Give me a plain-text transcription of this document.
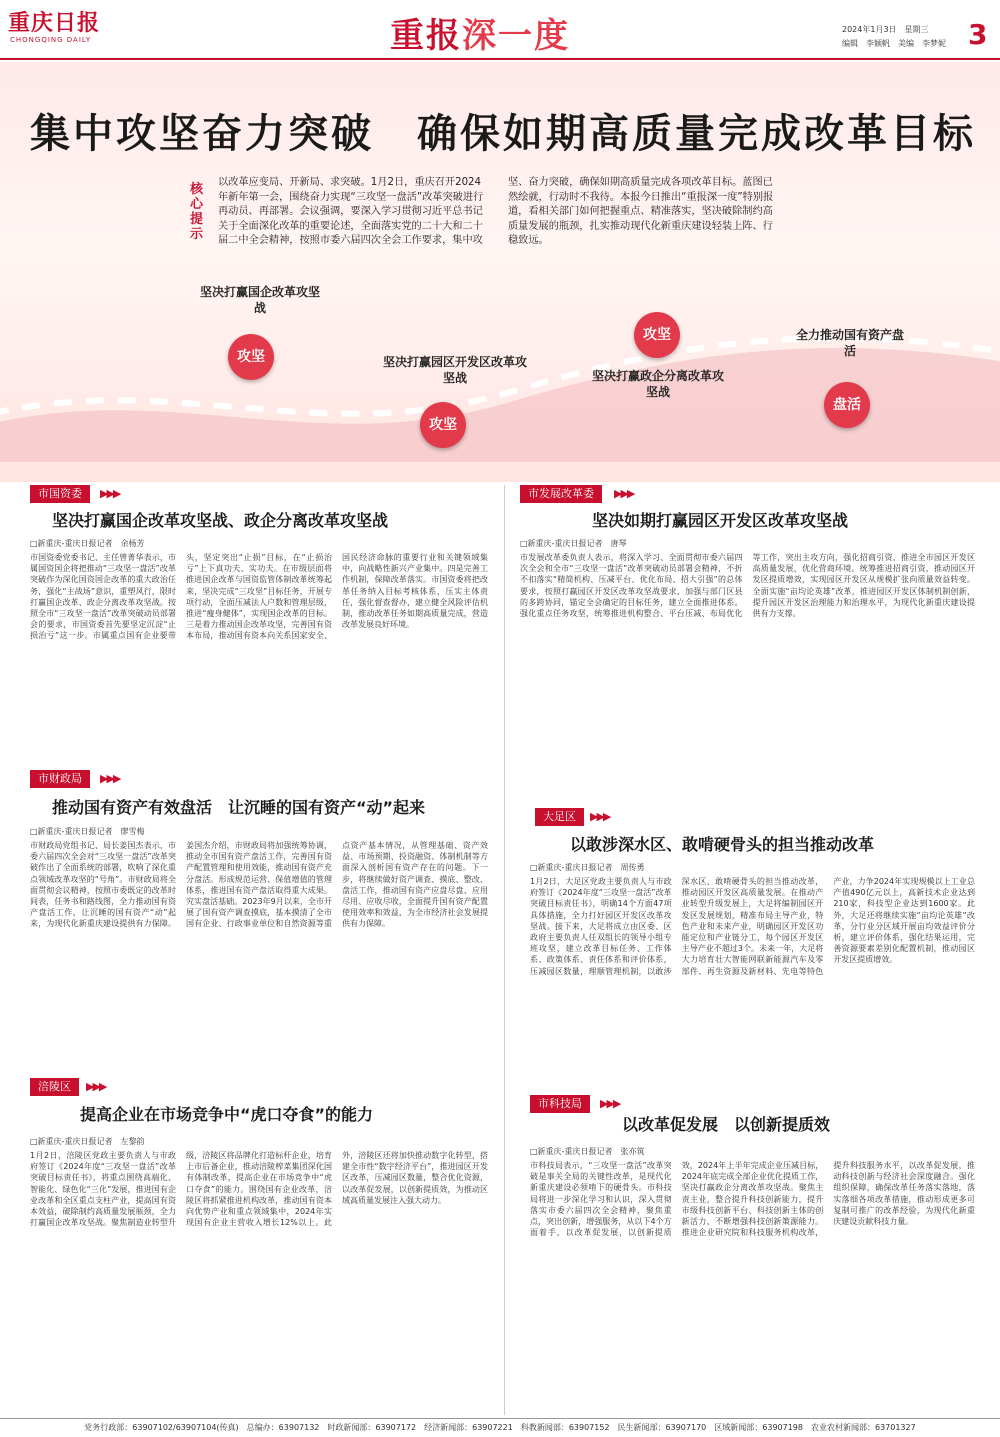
重庆日报
CHONGQING DAILY	重报深一度	2024年1月3日　星期三
编辑　李颖帆　美编　李梦妮 3
集中攻坚奋力突破　确保如期高质量完成改革目标
核心提示
以改革应变局、开新局、求突破。1月2日，重庆召开2024年新年第一会，围绕奋力实现“三攻坚一盘活”改革突破进行再动员、再部署。会议强调，要深入学习贯彻习近平总书记关于全面深化改革的重要论述，全面落实党的二十大和二十届二中全会精神，按照市委六届四次全会工作要求，集中攻坚、奋力突破，确保如期高质量完成各项改革目标。蓝图已然绘就，行动时不我待。本报今日推出“重报深一度”特别报道，看相关部门如何把握重点、精准落实，坚决破除制约高质量发展的瓶颈，扎实推动现代化新重庆建设轻装上阵、行稳致远。
坚决打赢国企改革攻坚战
攻坚	坚决打赢园区开发区改革攻坚战
攻坚
坚决打赢政企分离改革攻坚战
攻坚	全力推动国有资产盘活
盘活
市国资委	▶▶▶
坚决打赢国企改革攻坚战、政企分离改革攻坚战
□新重庆-重庆日报记者　余杨芳
市国资委党委书记、主任曾菁华表示，市属国资国企将把推动“三攻坚一盘活”改革突破作为深化国资国企改革的重大政治任务，强化“主战场”意识，重塑风行，限时打赢国企改革、政企分离改革攻坚战。按照全市“三攻坚一盘活”改革突破动员部署会的要求，市国资委首先要坚定沉淀“止损治亏”这一步。市属重点国有企业要带头，坚定突出“止损”目标，在“止损治亏”上下真功夫、实功夫。在市级层面将推进国企改革与国资监管体制改革统筹起来，坚决完成“三攻坚”目标任务，开展专项行动，全面压减法人户数和管理层级，推进“瘦身健体”，实现国企改革的目标。三是着力推动国企改革攻坚，完善国有资本布局，推动国有资本向关系国家安全、国民经济命脉的重要行业和关键领域集中，向战略性新兴产业集中。四是完善工作机制，保障改革落实。市国资委将把改革任务纳入目标考核体系，压实主体责任，强化督查督办，建立健全风险评估机制，推动改革任务如期高质量完成，营造改革发展良好环境。
市发展改革委	▶▶▶
坚决如期打赢园区开发区改革攻坚战
□新重庆-重庆日报记者　唐琴
市发展改革委负责人表示，将深入学习、全面贯彻市委六届四次全会和全市“三攻坚一盘活”改革突破动员部署会精神，不折不扣落实“精简机构、压减平台、优化布局、招大引强”的总体要求，按照打赢园区开发区改革攻坚战要求，加强与部门区县的多跨协同，锚定全会确定的目标任务，建立全面推进体系。强化重点任务攻坚，统筹推进机构整合、平台压减、布局优化等工作，突出主攻方向，强化招商引资，推进全市园区开发区高质量发展，优化营商环境。统筹推进招商引资，推动园区开发区提质增效，实现园区开发区从规模扩张向质量效益转变。全面实施“亩均论英雄”改革，推进园区开发区体制机制创新，提升园区开发区治理能力和治理水平，为现代化新重庆建设提供有力支撑。
市财政局	▶▶▶
推动国有资产有效盘活　让沉睡的国有资产“动”起来
□新重庆-重庆日报记者　廖雪梅
市财政局党组书记、局长姜国杰表示，市委六届四次全会对“三攻坚一盘活”改革突破作出了全面系统的部署，吹响了深化重点领域改革攻坚的“号角”。市财政局将全面贯彻会议精神，按照市委既定的改革时间表，任务书和路线图，全力推动国有资产盘活工作，让沉睡的国有资产“动”起来，为现代化新重庆建设提供有力保障。姜国杰介绍，市财政局将加强统筹协调，推动全市国有资产盘活工作，完善国有资产配置管理和使用效能，推动国有资产充分盘活。形成规范运营、保值增值的管理体系，推进国有资产盘活取得重大成果。究实盘活基础。2023年9月以来，全市开展了国有资产调查摸底，基本摸清了全市国有企业、行政事业单位和自然资源等重点资产基本情况，从管理基础、资产效益、市场预期、投资融资、体制机制等方面深入剖析国有资产存在的问题。下一步，将继续做好资产调查、摸底、整改、盘活工作，推动国有资产应盘尽盘、应用尽用、应收尽收，全面提升国有资产配置使用效率和效益，为全市经济社会发展提供有力保障。
大足区	▶▶▶
以敢涉深水区、敢啃硬骨头的担当推动改革
□新重庆-重庆日报记者　周传勇
1月2日，大足区党政主要负责人与市政府签订《2024年度“三攻坚一盘活”改革突破目标责任书》，明确14个方面47项具体措施，全力打好园区开发区改革攻坚战。接下来，大足将成立由区委、区政府主要负责人任双组长的领导小组专班攻坚，建立改革目标任务、工作体系、政策体系、责任体系和评价体系，压减园区数量，理顺管理机制，以敢涉深水区、敢啃硬骨头的担当推动改革，推动园区开发区高质量发展。在推动产业转型升级发展上，大足将编制园区开发区发展规划，精准布局主导产业，特色产业和未来产业，明确园区开发区功能定位和产业链分工，每个园区开发区主导产业不超过3个。未来一年，大足将大力培育壮大智能网联新能源汽车及零部件、再生资源及新材料、先电等特色产业，力争2024年实现规模以上工业总产值490亿元以上，高新技术企业达到210家，科技型企业达到1600家。此外，大足还将继续实施“亩均论英雄”改革，分行业分区域开展亩均效益评价分析，建立评价体系，强化结果运用，完善资源要素差别化配置机制，推动园区开发区提质增效。
涪陵区	▶▶▶
提高企业在市场竞争中“虎口夺食”的能力
□新重庆-重庆日报记者　左黎韵
1月2日，涪陵区党政主要负责人与市政府签订《2024年度“三攻坚一盘活”改革突破目标责任书》，将重点围绕高端化、智能化、绿色化“三化”发展，推进国有企业改革和全区重点支柱产业，提高国有资本效益，破除制约高质量发展瓶颈，全力打赢国企改革攻坚战。聚焦制造业转型升级，涪陵区将品牌化打造标杆企业，培育上市后备企业，推动涪陵榨菜集团深化国有体制改革，提高企业在市场竞争中“虎口夺食”的能力。围绕国有企业改革，涪陵区将抓紧推进机构改革，推动国有资本向优势产业和重点领域集中，2024年实现国有企业主营收入增长12%以上。此外，涪陵区还将加快推动数字化转型，搭建全市性“数字经济平台”，推进园区开发区改革，压减园区数量，整合优化资源，以改革促发展，以创新提质效，为推动区域高质量发展注入强大动力。
市科技局	▶▶▶
以改革促发展　以创新提质效
□新重庆-重庆日报记者　张亦筑
市科技局表示，“三攻坚一盘活”改革突破是事关全局的关键性改革，是现代化新重庆建设必须啃下的硬骨头。市科技局将进一步深化学习和认识，深入贯彻落实市委六届四次全会精神，聚焦重点，突出创新，增强服务，从以下4个方面着手，以改革促发展，以创新提质效，2024年上半年完成企业压减目标，2024年底完成全部企业优化提质工作，坚决打赢政企分离改革攻坚战。聚焦主责主业，整合提升科技创新能力，提升市级科技创新平台、科技创新主体的创新活力，不断增强科技创新策源能力。推进企业研究院和科技服务机构改革，提升科技服务水平，以改革促发展，推动科技创新与经济社会深度融合。强化组织保障，确保改革任务落实落地，落实落细各项改革措施，推动形成更多可复制可推广的改革经验，为现代化新重庆建设贡献科技力量。
党务行政部：63907102/63907104(传真)　总编办：63907132　时政新闻部：63907172　经济新闻部：63907221　科教新闻部：63907152　民生新闻部：63907170　区域新闻部：63907198　农业农村新闻部：63701327
